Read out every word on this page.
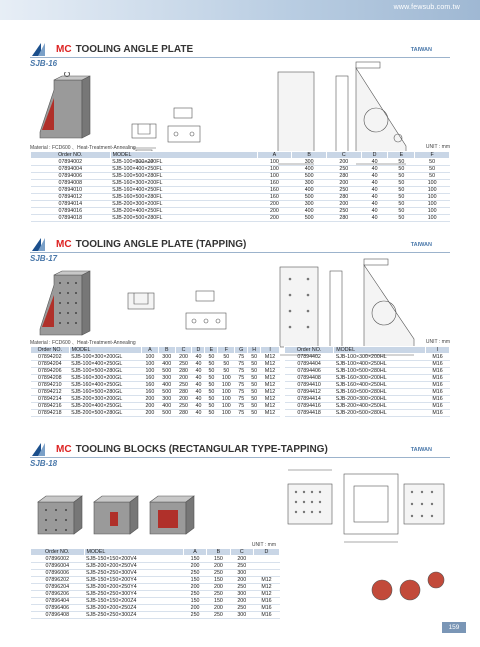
www.fewsub.com.tw
MC TOOLING ANGLE PLATE	TAIWAN
SJB-16
Material : FCD600 、Heat-Treatment-Annealing	UNIT : mm
Order NO.	MODEL	A	B	C	D	E	F
07894002	SJB-100×300×200FL	100	300	200	40	50	50
07894004	SJB-100×400×250FL	100	400	250	40	50	50
07894006	SJB-100×500×280FL	100	500	280	40	50	50
07894008	SJB-160×300×200FL	160	300	200	40	50	100
07894010	SJB-160×400×250FL	160	400	250	40	50	100
07894012	SJB-160×500×280FL	160	500	280	40	50	100
07894014	SJB-200×300×200FL	200	300	200	40	50	100
07894016	SJB-200×400×250FL	200	400	250	40	50	100
07894018	SJB-200×500×280FL	200	500	280	40	50	100
MC TOOLING ANGLE PLATE (TAPPING)	TAIWAN
SJB-17
Material : FCD600 、Heat-Treatment-Annealing	UNIT : mm
Order NO.	MODEL	A	B	C	D	E	F	G	H	I
07894202	SJB-100×300×200GL	100	300	200	40	50	50	75	50	M12
07894204	SJB-100×400×250GL	100	400	250	40	50	50	75	50	M12
07894206	SJB-100×500×280GL	100	500	280	40	50	50	75	50	M12
07894208	SJB-160×300×200GL	160	300	200	40	50	100	75	50	M12
07894210	SJB-160×400×250GL	160	400	250	40	50	100	75	50	M12
07894212	SJB-160×500×280GL	160	500	280	40	50	100	75	50	M12
07894214	SJB-200×300×200GL	200	300	200	40	50	100	75	50	M12
07894216	SJB-200×400×250GL	200	400	250	40	50	100	75	50	M12
07894218	SJB-200×500×280GL	200	500	280	40	50	100	75	50	M12
Order NO.	MODEL	I
07894402	SJB-100×300×200HL	M16
07894404	SJB-100×400×250HL	M16
07894406	SJB-100×500×280HL	M16
07894408	SJB-160×300×200HL	M16
07894410	SJB-160×400×250HL	M16
07894412	SJB-160×500×280HL	M16
07894414	SJB-200×300×200HL	M16
07894416	SJB-200×400×250HL	M16
07894418	SJB-200×500×280HL	M16
MC TOOLING BLOCKS (RECTANGULAR TYPE-TAPPING)	TAIWAN
SJB-18
UNIT : mm
Order NO.	MODEL	A	B	C	D
07896002	SJB-150×150×200V4	150	150	200	
07896004	SJB-200×200×250V4	200	200	250	
07896006	SJB-250×250×300V4	250	250	300	
07896202	SJB-150×150×200Y4	150	150	200	M12
07896204	SJB-200×200×250Y4	200	200	250	M12
07896206	SJB-250×250×300Y4	250	250	300	M12
07896404	SJB-150×150×200Z4	150	150	200	M16
07896406	SJB-200×200×250Z4	200	200	250	M16
07896408	SJB-250×250×300Z4	250	250	300	M16
159
